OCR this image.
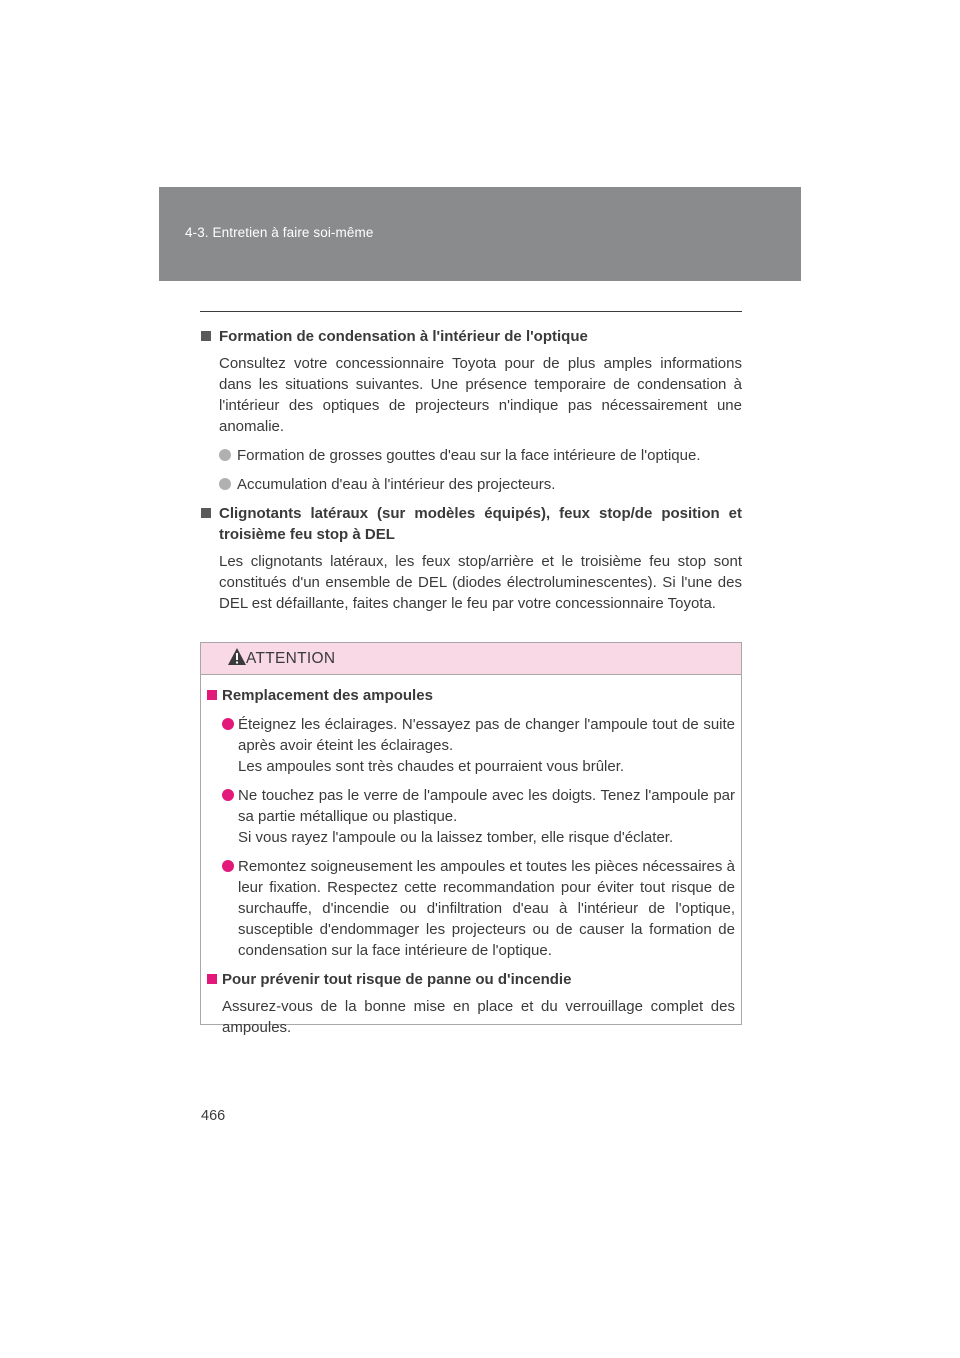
4-3. Entretien à faire soi-même
Formation de condensation à l'intérieur de l'optique
Consultez votre concessionnaire Toyota pour de plus amples informations dans les situations suivantes. Une présence temporaire de condensation à l'intérieur des optiques de projecteurs n'indique pas nécessairement une anomalie.
Formation de grosses gouttes d'eau sur la face intérieure de l'optique.
Accumulation d'eau à l'intérieur des projecteurs.
Clignotants latéraux (sur modèles équipés), feux stop/de position et troisième feu stop à DEL
Les clignotants latéraux, les feux stop/arrière et le troisième feu stop sont constitués d'un ensemble de DEL (diodes électroluminescentes). Si l'une des DEL est défaillante, faites changer le feu par votre concessionnaire Toyota.
ATTENTION
Remplacement des ampoules
Éteignez les éclairages. N'essayez pas de changer l'ampoule tout de suite après avoir éteint les éclairages.
Les ampoules sont très chaudes et pourraient vous brûler.
Ne touchez pas le verre de l'ampoule avec les doigts. Tenez l'ampoule par sa partie métallique ou plastique.
Si vous rayez l'ampoule ou la laissez tomber, elle risque d'éclater.
Remontez soigneusement les ampoules et toutes les pièces nécessaires à leur fixation. Respectez cette recommandation pour éviter tout risque de surchauffe, d'incendie ou d'infiltration d'eau à l'intérieur de l'optique, susceptible d'endommager les projecteurs ou de causer la formation de condensation sur la face intérieure de l'optique.
Pour prévenir tout risque de panne ou d'incendie
Assurez-vous de la bonne mise en place et du verrouillage complet des ampoules.
466
